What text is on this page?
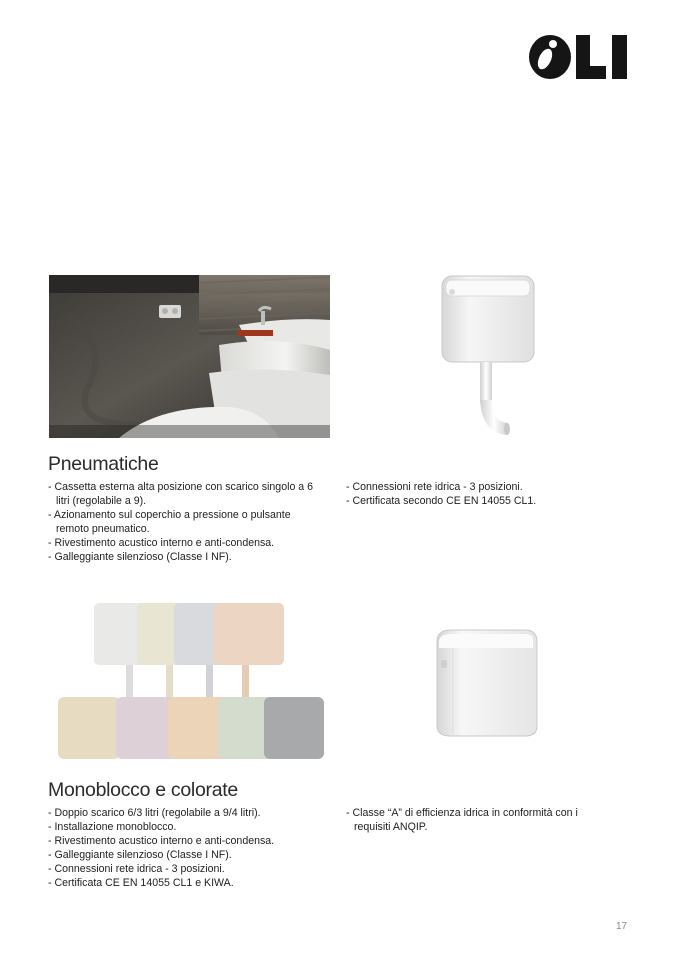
Pneumatiche
- Cassetta esterna alta posizione con scarico singolo a 6 litri (regolabile a 9).
- Azionamento sul coperchio a pressione o pulsante remoto pneumatico.
- Rivestimento acustico interno e anti-condensa.
- Galleggiante silenzioso (Classe I NF).
- Connessioni rete idrica - 3 posizioni.
- Certificata secondo CE EN 14055 CL1.
Monoblocco e colorate
- Doppio scarico 6/3 litri (regolabile a 9/4 litri).
- Installazione monoblocco.
- Rivestimento acustico interno e anti-condensa.
- Galleggiante silenzioso (Classe I NF).
- Connessioni rete idrica - 3 posizioni.
- Certificata CE EN 14055 CL1 e KIWA.
- Classe “A” di efficienza idrica in conformità con i requisiti ANQIP.
17
